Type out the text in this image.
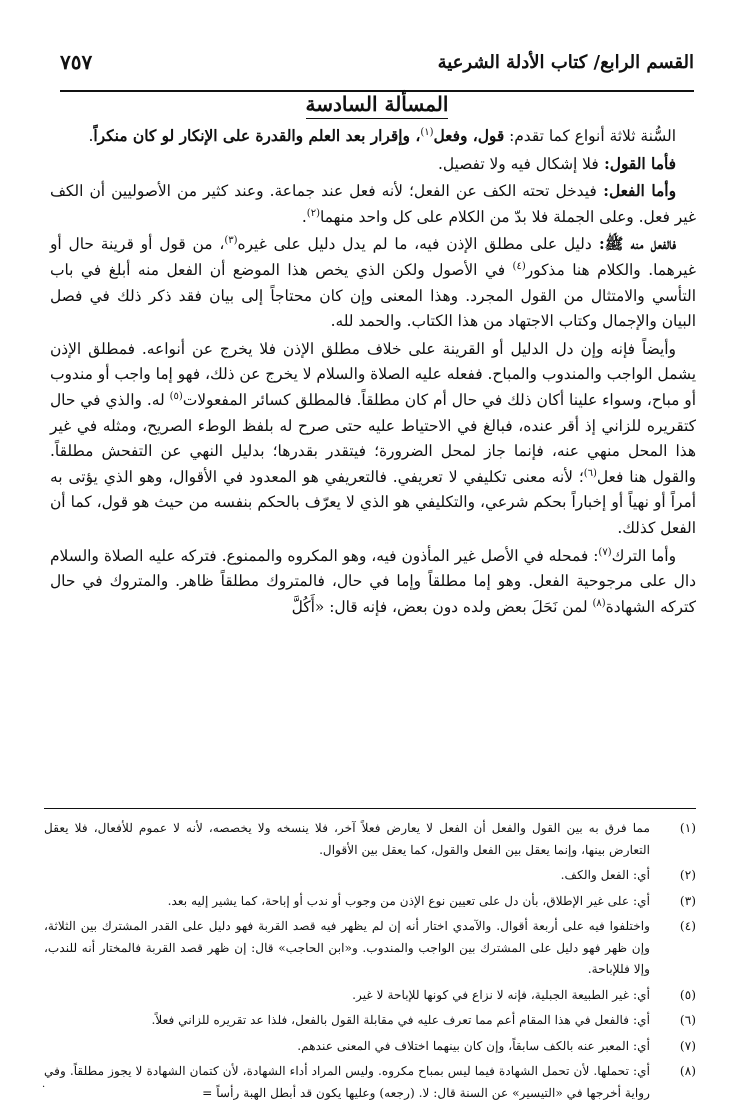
القسم الرابع/ كتاب الأدلة الشرعية
٧٥٧
المسألة السادسة

السُّنة ثلاثة أنواع كما تقدم: قول، وفعل$^{(١)}$، وإقرار بعد العلم والقدرة على الإنكار لو كان منكراً.

فأما القول: فلا إشكال فيه ولا تفصيل.

وأما الفعل: فيدخل تحته الكف عن الفعل؛ لأنه فعل عند جماعة. وعند كثير من الأصوليين أن الكف غير فعل. وعلى الجملة فلا بدّ من الكلام على كل واحد منهما$^{(٢)}$.

فالفعل منه ﷺ: دليل على مطلق الإذن فيه، ما لم يدل دليل على غيره$^{(٣)}$، من قول أو قرينة حال أو غيرهما. والكلام هنا مذكور$^{(٤)}$ في الأصول ولكن الذي يخص هذا الموضع أن الفعل منه أبلغ في باب التأسي والامتثال من القول المجرد. وهذا المعنى وإن كان محتاجاً إلى بيان فقد ذكر ذلك في فصل البيان والإجمال وكتاب الاجتهاد من هذا الكتاب. والحمد لله.

وأيضاً فإنه وإن دل الدليل أو القرينة على خلاف مطلق الإذن فلا يخرج عن أنواعه. فمطلق الإذن يشمل الواجب والمندوب والمباح. ففعله عليه الصلاة والسلام لا يخرج عن ذلك، فهو إما واجب أو مندوب أو مباح، وسواء علينا أكان ذلك في حال أم كان مطلقاً. فالمطلق كسائر المفعولات$^{(٥)}$ له. والذي في حال كتقريره للزاني إذ أقر عنده، فبالغ في الاحتياط عليه حتى صرح له بلفظ الوطء الصريح، ومثله في غير هذا المحل منهي عنه، فإنما جاز لمحل الضرورة؛ فيتقدر بقدرها؛ بدليل النهي عن التفحش مطلقاً. والقول هنا فعل$^{(٦)}$؛ لأنه معنى تكليفي لا تعريفي. فالتعريفي هو المعدود في الأقوال، وهو الذي يؤتى به أمراً أو نهياً أو إخباراً بحكم شرعي، والتكليفي هو الذي لا يعرّف بالحكم بنفسه من حيث هو قول، كما أن الفعل كذلك.

وأما الترك$^{(٧)}$: فمحله في الأصل غير المأذون فيه، وهو المكروه والممنوع. فتركه عليه الصلاة والسلام دال على مرجوحية الفعل. وهو إما مطلقاً وإما في حال، فالمتروك مطلقاً ظاهر. والمتروك في حال كتركه الشهادة$^{(٨)}$ لمن نَحَلَ بعض ولده دون بعض، فإنه قال: «أَكُلَّ

(١)
مما فرق به بين القول والفعل أن الفعل لا يعارض فعلاً آخر، فلا ينسخه ولا يخصصه، لأنه لا عموم للأفعال، فلا يعقل التعارض بينها، وإنما يعقل بين الفعل والقول، كما يعقل بين الأقوال.
(٢)
أي: الفعل والكف.
(٣)
أي: على غير الإطلاق، بأن دل على تعيين نوع الإذن من وجوب أو ندب أو إباحة، كما يشير إليه بعد.
(٤)
واختلفوا فيه على أربعة أقوال. والآمدي اختار أنه إن لم يظهر فيه قصد القربة فهو دليل على القدر المشترك بين الثلاثة، وإن ظهر فهو دليل على المشترك بين الواجب والمندوب. و«ابن الحاجب» قال: إن ظهر قصد القربة فالمختار أنه للندب، وإلا فللإباحة.
(٥)
أي: غير الطبيعة الجبلية، فإنه لا نزاع في كونها للإباحة لا غير.
(٦)
أي: فالفعل في هذا المقام أعم مما تعرف عليه في مقابلة القول بالفعل، فلذا عد تقريره للزاني فعلاً.
(٧)
أي: المعبر عنه بالكف سابقاً، وإن كان بينهما اختلاف في المعنى عندهم.
(٨)
أي: تحملها. لأن تحمل الشهادة فيما ليس بمباح مكروه. وليس المراد أداء الشهادة، لأن كتمان الشهادة لا يجوز مطلقاً. وفي رواية أخرجها في «التيسير» عن السنة قال: لا. (رجعه) وعليها يكون قد أبطل الهبة رأساً =
·
